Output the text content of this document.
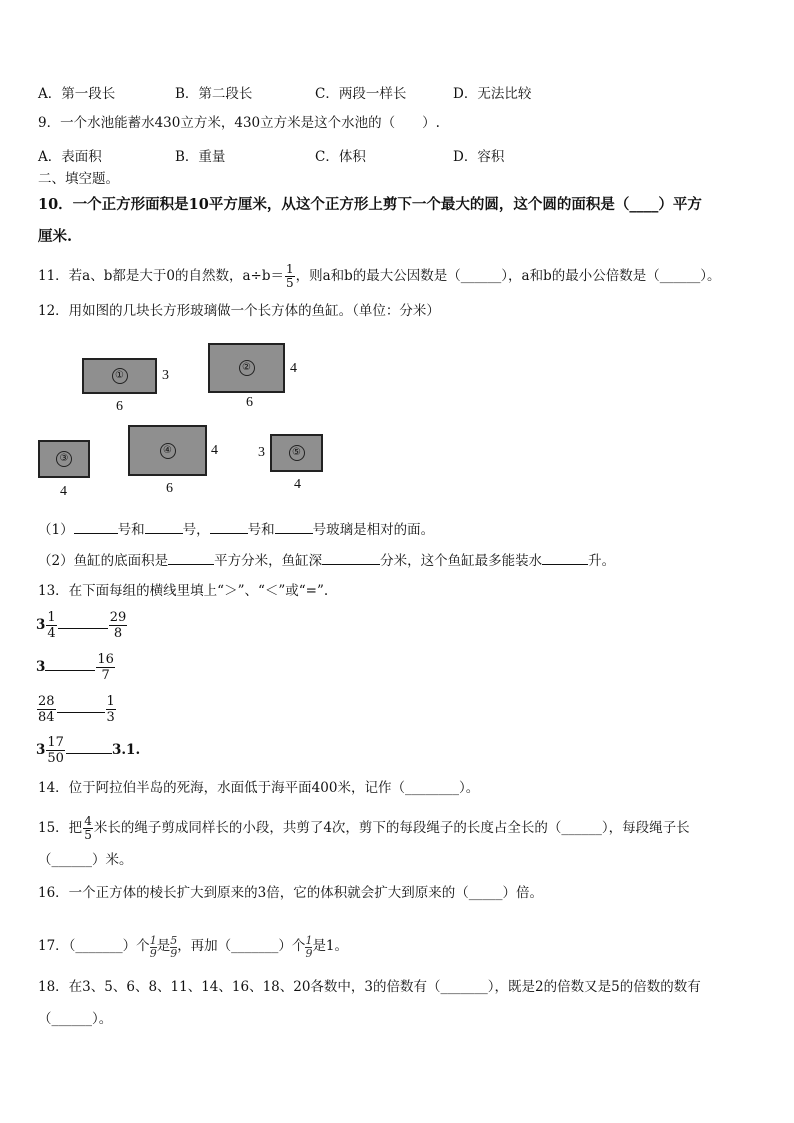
A．第一段长	B．第二段长	C．两段一样长	D．无法比较
9．一个水池能蓄水430立方米，430立方米是这个水池的（　　）.
A．表面积	B．重量	C．体积	D．容积
二、填空题。
10．一个正方形面积是10平方厘米，从这个正方形上剪下一个最大的圆，这个圆的面积是（____）平方
厘米.
11．若a、b都是大于0的自然数，$a\div b= \frac{1}{5}$ ，则a和b的最大公因数是（______），a和b的最小公倍数是（______）。
12．用如图的几块长方形玻璃做一个长方体的鱼缸。（单位：分米）
①	3
6
②	4
6
③
4
④	4
6
⑤
3
4
（1）	号和	号，	号和	号玻璃是相对的面。
（2）鱼缸的底面积是	平方分米，鱼缸深	分米，这个鱼缸最多能装水	升。
13．在下面每组的横线里填上“＞”、“＜”或“=”.
$3 \frac{1}{4}$	$\frac{29}{8}$
3	$\frac{16}{7}$
$\frac{28}{84}$	$\frac{1}{3}$
$3 \frac{17}{50}$	3.1.
14．位于阿拉伯半岛的死海，水面低于海平面400米，记作（________）。
15．把 $\frac{4}{5}$ 米长的绳子剪成同样长的小段，共剪了4次，剪下的每段绳子的长度占全长的（______），每段绳子长
（______）米。
16．一个正方体的棱长扩大到原来的3倍，它的体积就会扩大到原来的（_____）倍。
17．（_______）个 $\frac{1}{9}$ 是 $\frac{5}{9}$ ，再加（_______）个 $\frac{1}{9}$ 是1。
18．在3、5、6、8、11、14、16、18、20各数中，3的倍数有（_______），既是2的倍数又是5的倍数的数有
（______）。
